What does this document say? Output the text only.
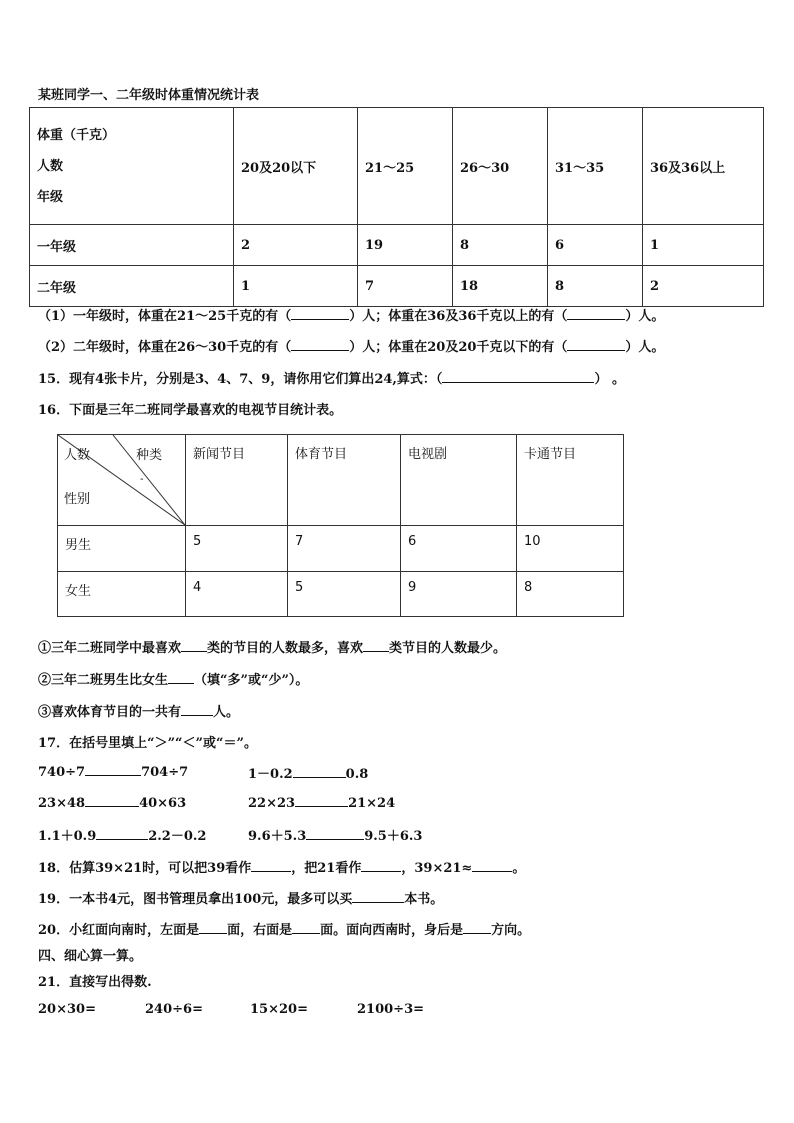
某班同学一、二年级时体重情况统计表
体重（千克）
人数
年级	20及20以下	21～25	26～30	31～35	36及36以上
一年级	2	19	8	6	1
二年级	1	7	18	8	2
（1）一年级时，体重在21～25千克的有（	）人；体重在36及36千克以上的有（	）人。
（2）二年级时，体重在26～30千克的有（	）人；体重在20及20千克以下的有（	）人。
15．现有4张卡片，分别是3、4、7、9，请你用它们算出24,算式：（	） 。
16．下面是三年二班同学最喜欢的电视节目统计表。
人数 种类
-
性别	新闻节目	体育节目	电视剧	卡通节目
男生	5	7	6	10
女生	4	5	9	8
①三年二班同学中最喜欢 类的节目的人数最多，喜欢 类节目的人数最少。
②三年二班男生比女生 （填“多”或“少”）。
③喜欢体育节目的一共有 人。
17．在括号里填上“＞”“＜”或“＝”。
740÷7	704÷7	1－0.2	0.8
23×48	40×63	22×23	21×24
1.1＋0.9	2.2－0.2	9.6＋5.3	9.5＋6.3
18．估算39×21时，可以把39看作	，把21看作	，39×21≈	。
19．一本书4元，图书管理员拿出100元，最多可以买	本书。
20．小红面向南时，左面是 面，右面是 面。面向西南时，身后是 方向。
四、细心算一算。
21．直接写出得数.
20×30=	240÷6=	15×20=	2100÷3=
